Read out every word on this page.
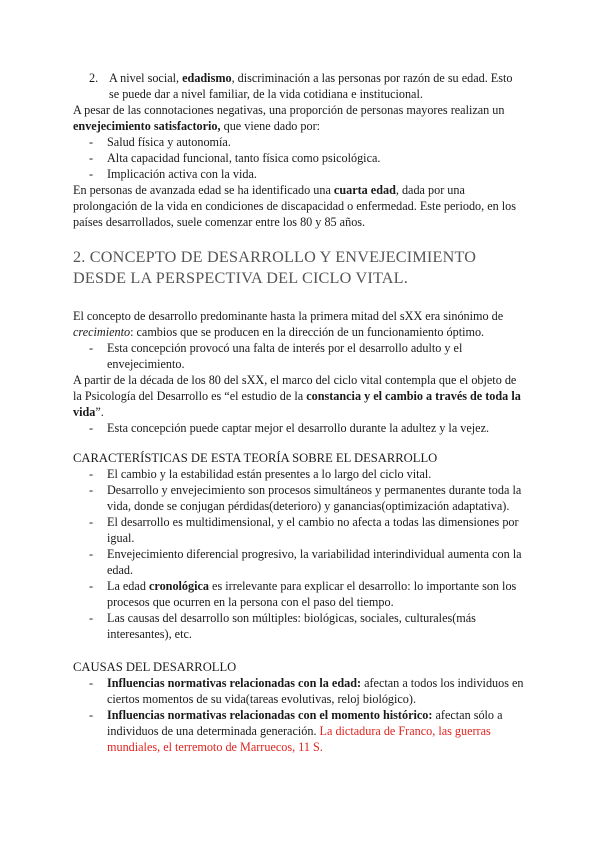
2. A nivel social, edadismo, discriminación a las personas por razón de su edad. Esto se puede dar a nivel familiar, de la vida cotidiana e institucional.

A pesar de las connotaciones negativas, una proporción de personas mayores realizan un envejecimiento satisfactorio, que viene dado por:

-	Salud física y autonomía.
-	Alta capacidad funcional, tanto física como psicológica.
-	Implicación activa con la vida.

En personas de avanzada edad se ha identificado una cuarta edad, dada por una prolongación de la vida en condiciones de discapacidad o enfermedad. Este periodo, en los países desarrollados, suele comenzar entre los 80 y 85 años.

2. CONCEPTO DE DESARROLLO Y ENVEJECIMIENTO DESDE LA PERSPECTIVA DEL CICLO VITAL.

El concepto de desarrollo predominante hasta la primera mitad del sXX era sinónimo de crecimiento: cambios que se producen en la dirección de un funcionamiento óptimo.

-	Esta concepción provocó una falta de interés por el desarrollo adulto y el envejecimiento.

A partir de la década de los 80 del sXX, el marco del ciclo vital contempla que el objeto de la Psicología del Desarrollo es “el estudio de la constancia y el cambio a través de toda la vida”.

-	Esta concepción puede captar mejor el desarrollo durante la adultez y la vejez.
CARACTERÍSTICAS DE ESTA TEORÍA SOBRE EL DESARROLLO
-	El cambio y la estabilidad están presentes a lo largo del ciclo vital.
-	Desarrollo y envejecimiento son procesos simultáneos y permanentes durante toda la vida, donde se conjugan pérdidas(deterioro) y ganancias(optimización adaptativa).
-	El desarrollo es multidimensional, y el cambio no afecta a todas las dimensiones por igual.
-	Envejecimiento diferencial progresivo, la variabilidad interindividual aumenta con la edad.
-	La edad cronológica es irrelevante para explicar el desarrollo: lo importante son los procesos que ocurren en la persona con el paso del tiempo.
-	Las causas del desarrollo son múltiples: biológicas, sociales, culturales(más interesantes), etc.
CAUSAS DEL DESARROLLO
-	Influencias normativas relacionadas con la edad: afectan a todos los individuos en ciertos momentos de su vida(tareas evolutivas, reloj biológico).
-	Influencias normativas relacionadas con el momento histórico: afectan sólo a individuos de una determinada generación. La dictadura de Franco, las guerras mundiales, el terremoto de Marruecos, 11 S.
